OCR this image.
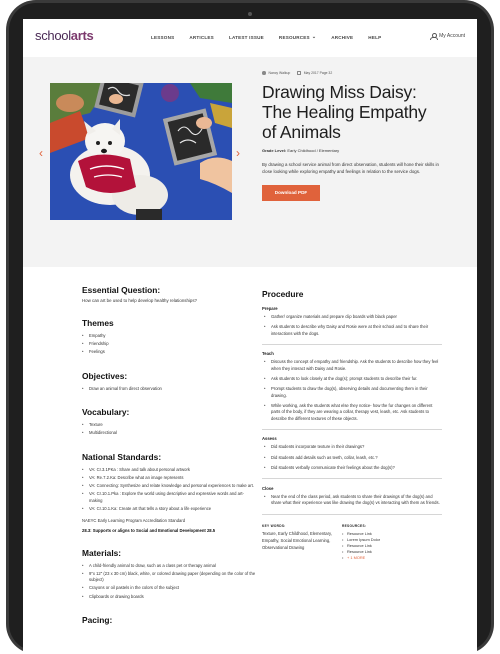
schoolarts	LESSONS	ARTICLES	LATEST ISSUE	RESOURCES ⌄	ARCHIVE	HELP	My Account
‹	›
Nancy Walkup	May 2017 Page 32
Drawing Miss Daisy: The Healing Empathy of Animals
Grade Level: Early Childhood / Elementary

By drawing a school service animal from direct observation, students will hone their skills in close looking while exploring empathy and feelings in relation to the service dogs.

Download PDF
Essential Question:

How can art be used to help develop healthy relationships?

Themes
• Empathy
• Friendship
• Feelings
Objectives:
• Draw an animal from direct observation
Vocabulary:
• Texture
• Multidirectional
National Standards:
• VA: Cr.3.1PKa : Share and talk about personal artwork
• VA: Re.7.2.Ka: Describe what an image represents
• VA: Connecting: Synthesize and relate knowledge and personal experiences to make art.
• VA: Cr.10.1.Pka : Explore the world using descriptive and expressive words and art-making
• VA: Cr.10.1.Ka: Create art that tells a story about a life experience

NAEYC Early Learning Program Accreditation Standard

28.3: Supports or aligns to Social and Emotional Development 28.5

Materials:
• A child-friendly animal to draw, such as a class pet or therapy animal
• 9"x 12" (23 x 30 cm) black, white, or colored drawing paper (depending on the color of the subject)
• Crayons or oil pastels in the colors of the subject
• Clipboards or drawing boards
Pacing:
Procedure
Prepare
• Gather/ organize materials and prepare clip boards with black paper
• Ask students to describe why Daisy and Rosie were at their school and to share their interactions with the dogs.
Teach
• Discuss the concept of empathy and friendship. Ask the students to describe how they feel when they interact with Daisy and Rosie.
• Ask students to look closely at the dog(s); prompt students to describe their fur.
• Prompt students to draw the dog(s), observing details and documenting them in their drawing.
• While working, ask the students what else they notice- how the fur changes on different parts of the body, if they are wearing a collar, therapy vest, leash, etc. Ask students to describe the different textures of these objects.
Assess
• Did students incorporate texture in their drawings?
• Did students add details such as teeth, collar, leash, etc.?
• Did students verbally communicate their feelings about the dog(s)?
Close
• Near the end of the class period, ask students to share their drawings of the dog(s) and share what their experience was like drawing the dog(s) vs interacting with them as friends.
KEY WORDS:
Texture, Early Childhood, Elementary, Empathy, Social Emotional Learning, Observational Drawing
RESOURCES:
• Resource Link
• Lorem Ipsum Dolor
• Resource Link
• Resource Link
• + 1 MORE
